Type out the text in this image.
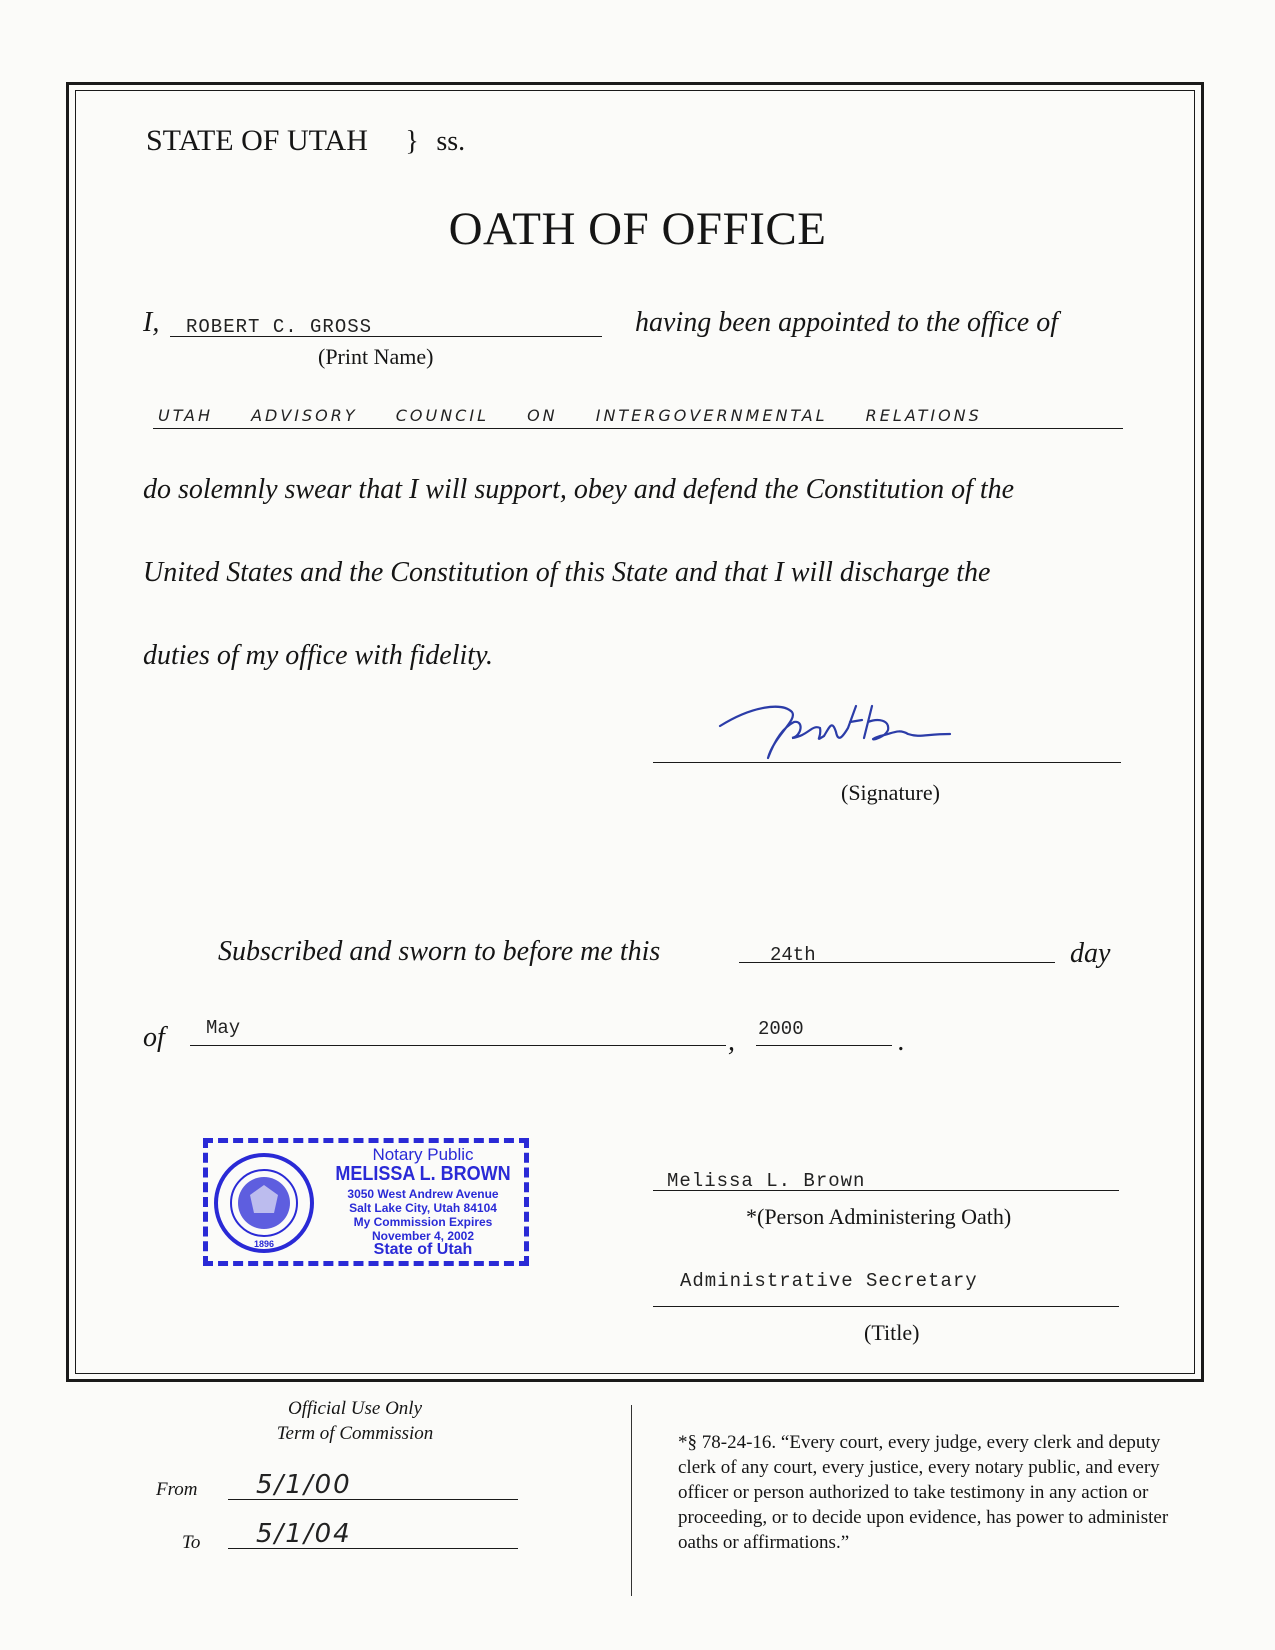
STATE OF UTAH } ss.
OATH OF OFFICE
I, ROBERT C. GROSS
(Print Name)
having been appointed to the office of
UTAH ADVISORY COUNCIL ON INTERGOVERNMENTAL RELATIONS
do solemnly swear that I will support, obey and defend the Constitution of the
United States and the Constitution of this State and that I will discharge the
duties of my office with fidelity.
(Signature)
Subscribed and sworn to before me this	24th	day
of May	, 2000	.
1896
Notary Public
MELISSA L. BROWN
3050 West Andrew Avenue
Salt Lake City, Utah 84104
My Commission Expires
November 4, 2002
State of Utah
Melissa L. Brown
*(Person Administering Oath)
Administrative Secretary
(Title)
Official Use Only
Term of Commission
From 5/1/00
To 5/1/04
*§ 78-24-16. “Every court, every judge, every clerk and deputy clerk of any court, every justice, every notary public, and every officer or person authorized to take testimony in any action or proceeding, or to decide upon evidence, has power to administer oaths or affirmations.”
